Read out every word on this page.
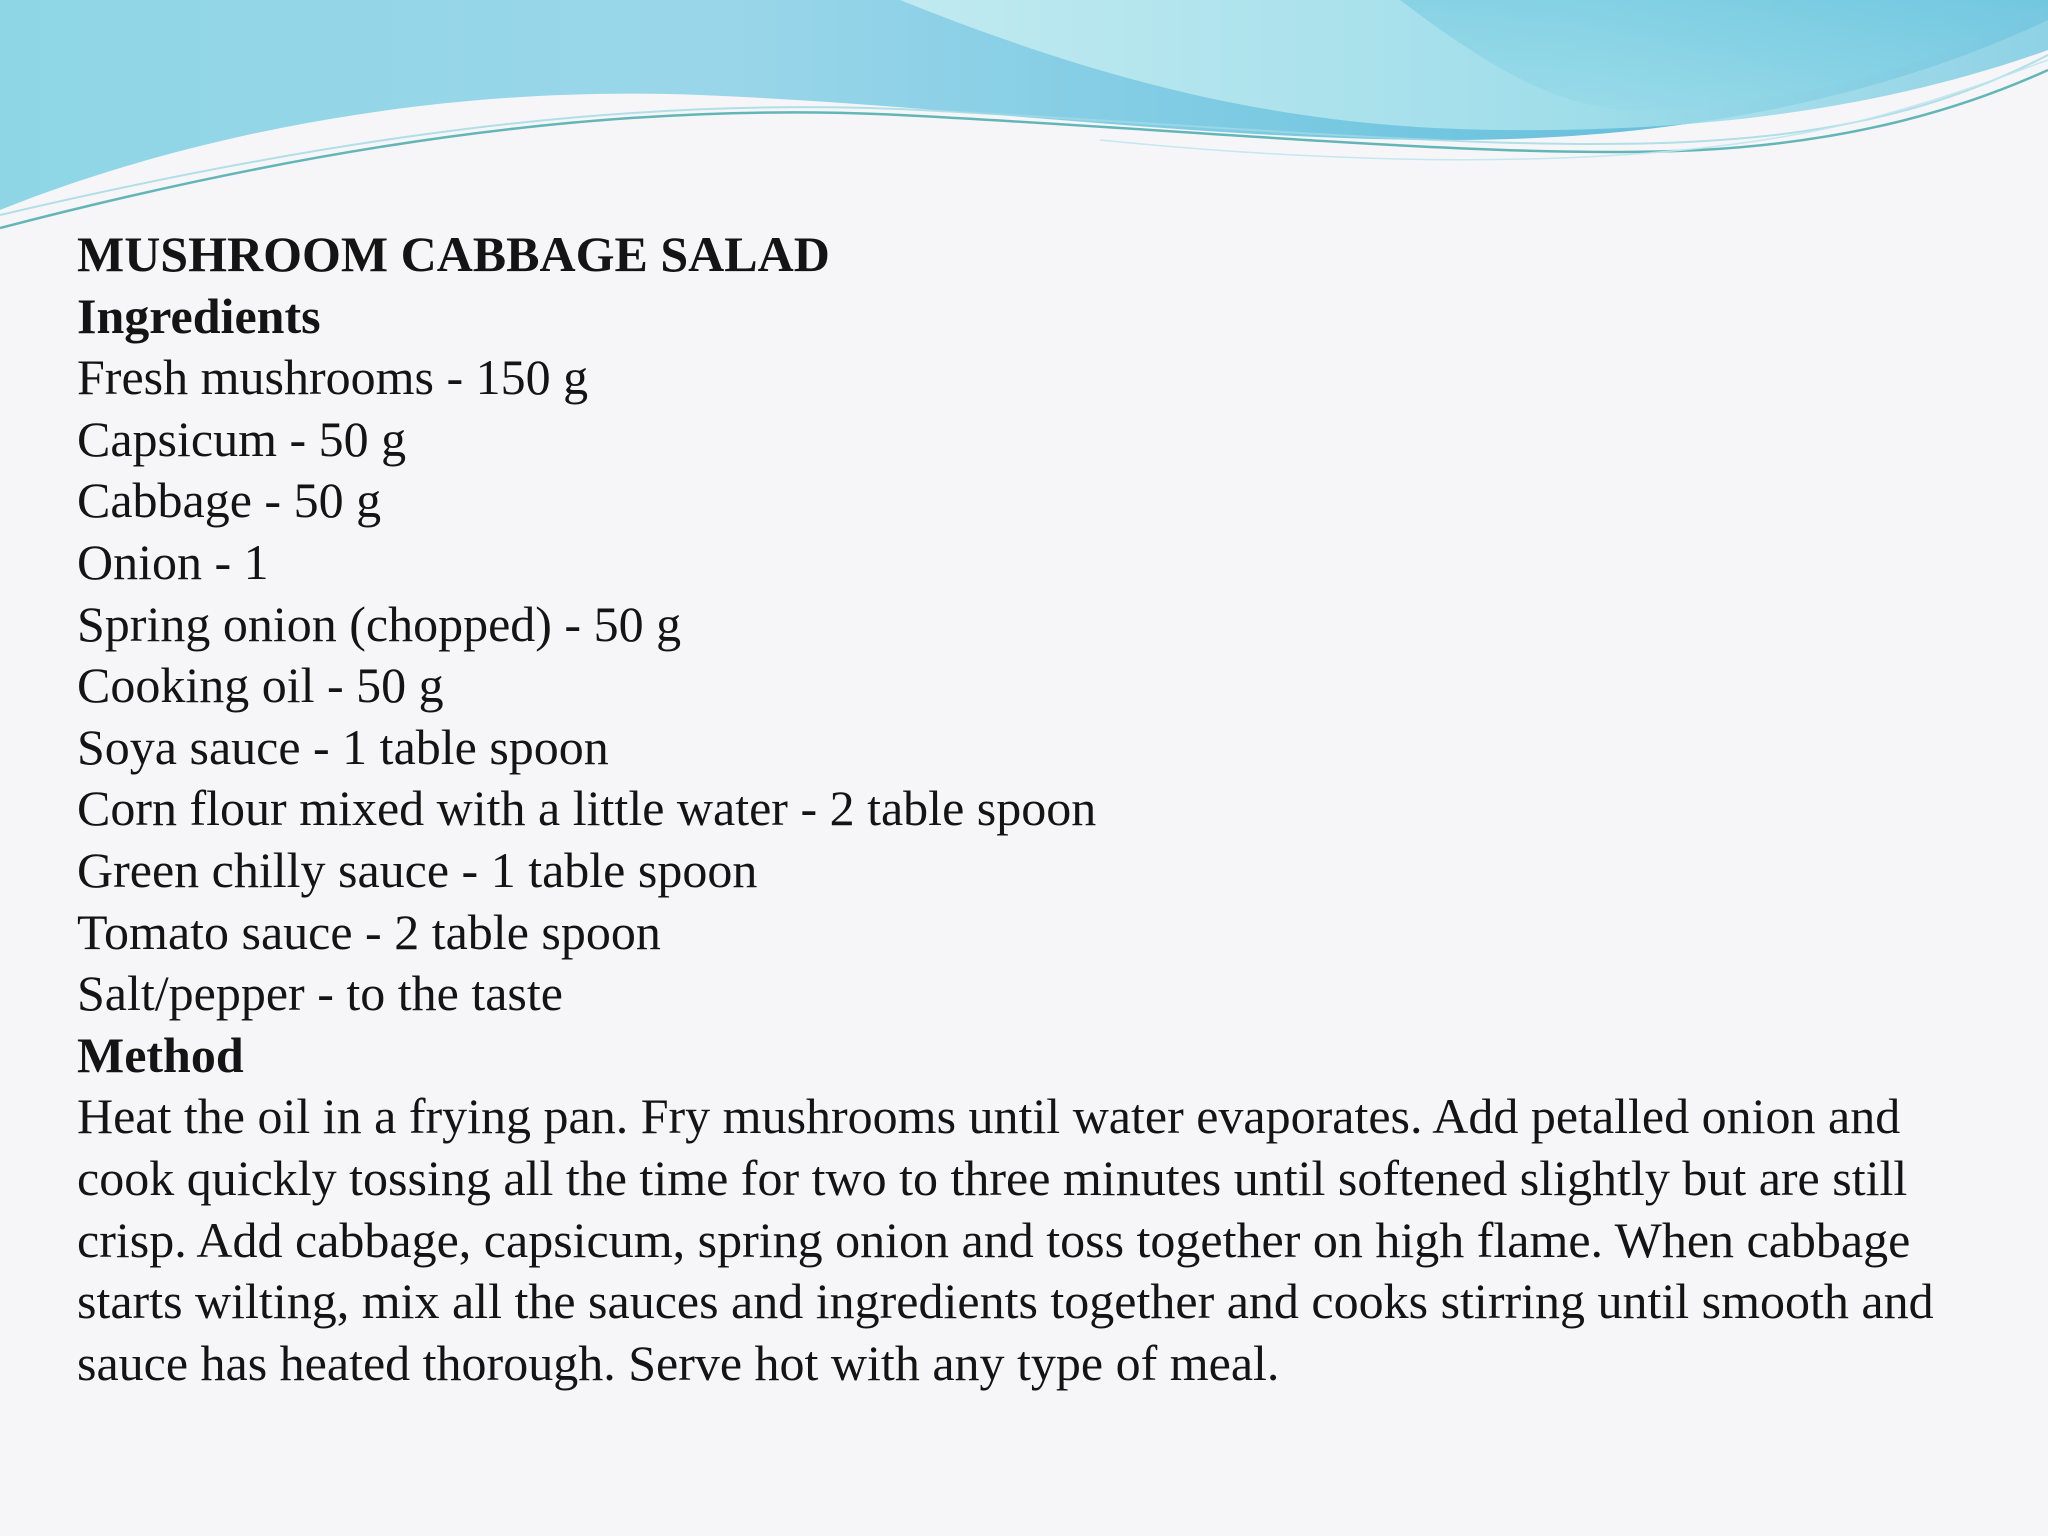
MUSHROOM CABBAGE SALAD
Ingredients
Fresh mushrooms - 150 g
Capsicum - 50 g
Cabbage - 50 g
Onion - 1
Spring onion (chopped) - 50 g
Cooking oil - 50 g
Soya sauce - 1 table spoon
Corn flour mixed with a little water - 2 table spoon
Green chilly sauce - 1 table spoon
Tomato sauce - 2 table spoon
Salt/pepper - to the taste
Method
Heat the oil in a frying pan. Fry mushrooms until water evaporates. Add petalled onion and cook quickly tossing all the time for two to three minutes until softened slightly but are still crisp. Add cabbage, capsicum, spring onion and toss together on high flame. When cabbage starts wilting, mix all the sauces and ingredients together and cooks stirring until smooth and sauce has heated thorough. Serve hot with any type of meal.
